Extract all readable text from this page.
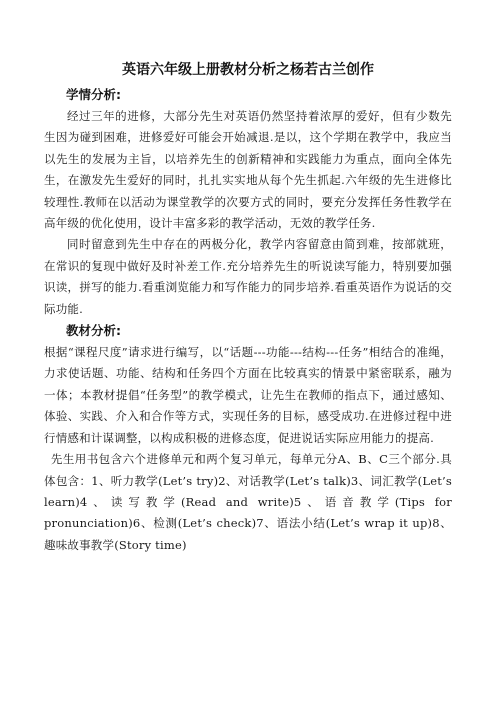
英语六年级上册教材分析之杨若古兰创作
学情分析:

经过三年的进修，大部分先生对英语仍然坚持着浓厚的爱好，但有少数先生因为碰到困难，进修爱好可能会开始减退.是以，这个学期在教学中，我应当以先生的发展为主旨，以培养先生的创新精神和实践能力为重点，面向全体先生，在激发先生爱好的同时，扎扎实实地从每个先生抓起.六年级的先生进修比较理性.教师在以活动为课堂教学的次要方式的同时，要充分发挥任务性教学在高年级的优化使用，设计丰富多彩的教学活动，无效的教学任务.

同时留意到先生中存在的两极分化，教学内容留意由简到难，按部就班，在常识的复现中做好及时补差工作.充分培养先生的听说读写能力，特别要加强识读，拼写的能力.看重浏览能力和写作能力的同步培养.看重英语作为说话的交际功能.

教材分析:

根据“课程尺度”请求进行编写，以“话题---功能---结构---任务”相结合的准绳，力求使话题、功能、结构和任务四个方面在比较真实的情景中紧密联系，融为一体；本教材提倡“任务型”的教学模式，让先生在教师的指点下，通过感知、体验、实践、介入和合作等方式，实现任务的目标，感受成功.在进修过程中进行情感和计谋调整，以构成积极的进修态度，促进说话实际应用能力的提高.

先生用书包含六个进修单元和两个复习单元，每单元分A、B、C三个部分.具体包含：1、听力教学(Let’s try)2、对话教学(Let’s talk)3、词汇教学(Let’s learn)4、读写教学(Read and write)5、语音教学(Tips for pronunciation)6、检测(Let’s check)7、语法小结(Let’s wrap it up)8、趣味故事教学(Story time)
